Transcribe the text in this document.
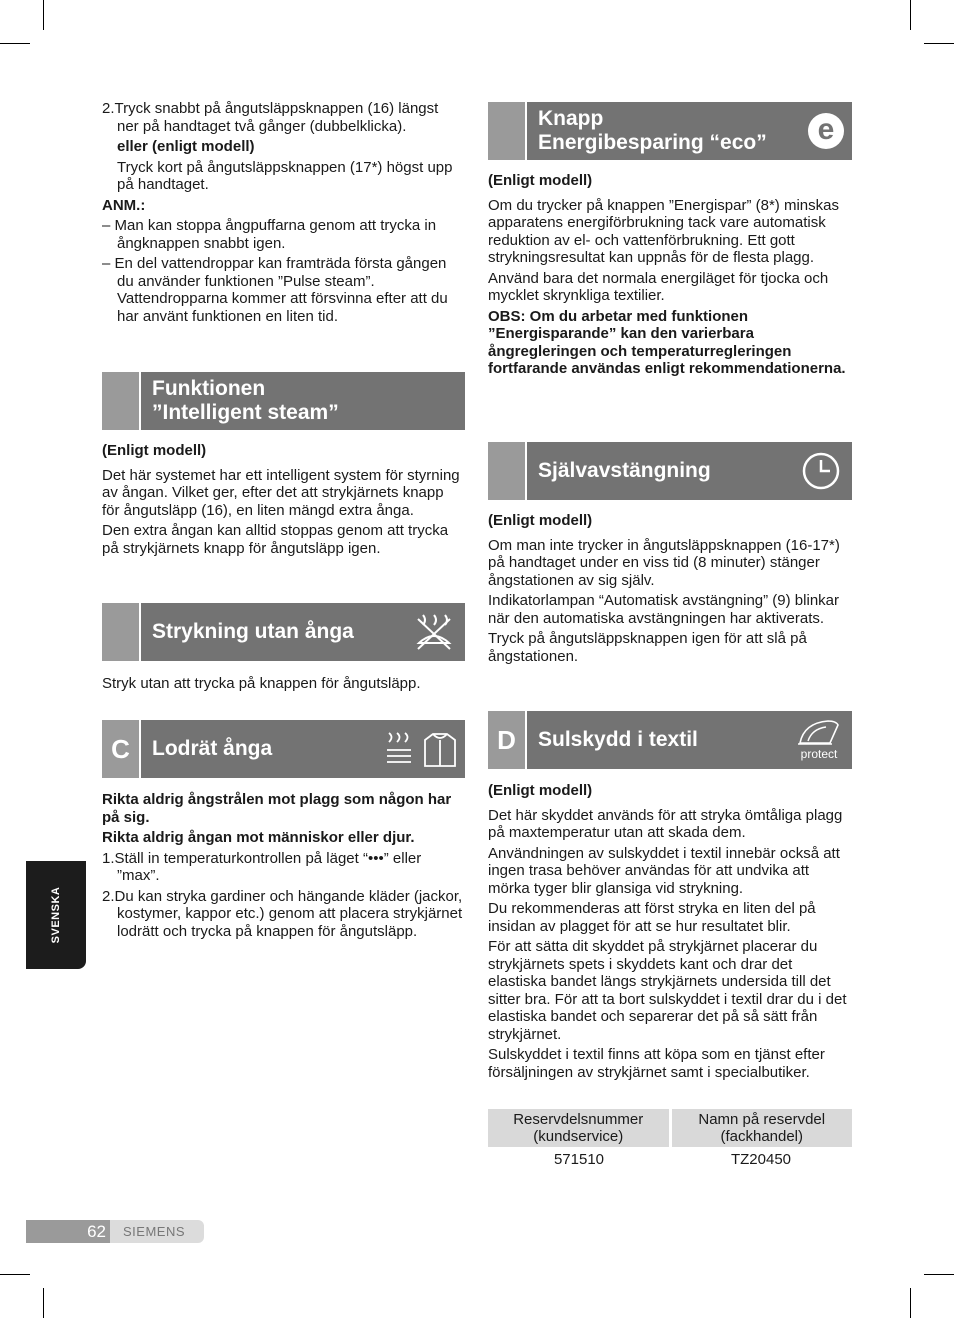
2.Tryck snabbt på ångutsläppsknappen (16) längst ner på handtaget två gånger (dubbelklicka).

eller (enligt modell)

Tryck kort på ångutsläppsknappen (17*) högst upp på handtaget.

ANM.:

– Man kan stoppa ångpuffarna genom att trycka in ångknappen snabbt igen.

– En del vattendroppar kan framträda första gången du använder funktionen ”Pulse steam”. Vattendropparna kommer att försvinna efter att du har använt funktionen en liten tid.

Funktionen
”Intelligent steam”

(Enligt modell)

Det här systemet har ett intelligent system för styrning av ångan. Vilket ger, efter det att strykjärnets knapp för ångutsläpp (16), en liten mängd extra ånga.

Den extra ångan kan alltid stoppas genom att trycka på strykjärnets knapp för ångutsläpp igen.

Strykning utan ånga

Stryk utan att trycka på knappen för ångutsläpp.

C	Lodrät ånga

Rikta aldrig ångstrålen mot plagg som någon har på sig.

Rikta aldrig ångan mot människor eller djur.

1.Ställ in temperaturkontrollen på läget “•••” eller ”max”.

2.Du kan stryka gardiner och hängande kläder (jackor, kostymer, kappor etc.) genom att placera strykjärnet lodrätt och trycka på knappen för ångutsläpp.

Knapp
Energibesparing “eco”	e

(Enligt modell)

Om du trycker på knappen ”Energispar” (8*) minskas apparatens energiförbrukning tack vare automatisk reduktion av el- och vattenförbrukning. Ett gott strykningsresultat kan uppnås för de flesta plagg.

Använd bara det normala energiläget för tjocka och mycklet skrynkliga textilier.

OBS: Om du arbetar med funktionen ”Energisparande” kan den varierbara ångregleringen och temperaturregleringen fortfarande användas enligt rekommendationerna.

Självavstängning

(Enligt modell)

Om man inte trycker in ångutsläppsknappen (16-17*) på handtaget under en viss tid (8 minuter) stänger ångstationen av sig själv.

Indikatorlampan “Automatisk avstängning” (9) blinkar när den automatiska avstängningen har aktiverats.

Tryck på ångutsläppsknappen igen för att slå på ångstationen.

D	Sulskydd i textil
protect

(Enligt modell)

Det här skyddet används för att stryka ömtåliga plagg på maxtemperatur utan att skada dem.

Användningen av sulskyddet i textil innebär också att ingen trasa behöver användas för att undvika att mörka tyger blir glansiga vid strykning.

Du rekommenderas att först stryka en liten del på insidan av plagget för att se hur resultatet blir.

För att sätta dit skyddet på strykjärnet placerar du strykjärnets spets i skyddets kant och drar det elastiska bandet längs strykjärnets undersida till det sitter bra. För att ta bort sulskyddet i textil drar du i det elastiska bandet och separerar det på så sätt från strykjärnet.

Sulskyddet i textil finns att köpa som en tjänst efter försäljningen av strykjärnet samt i specialbutiker.

Reservdelsnummer (kundservice)	Namn på reservdel (fackhandel)
571510	TZ20450
SVENSKA
62	SIEMENS
